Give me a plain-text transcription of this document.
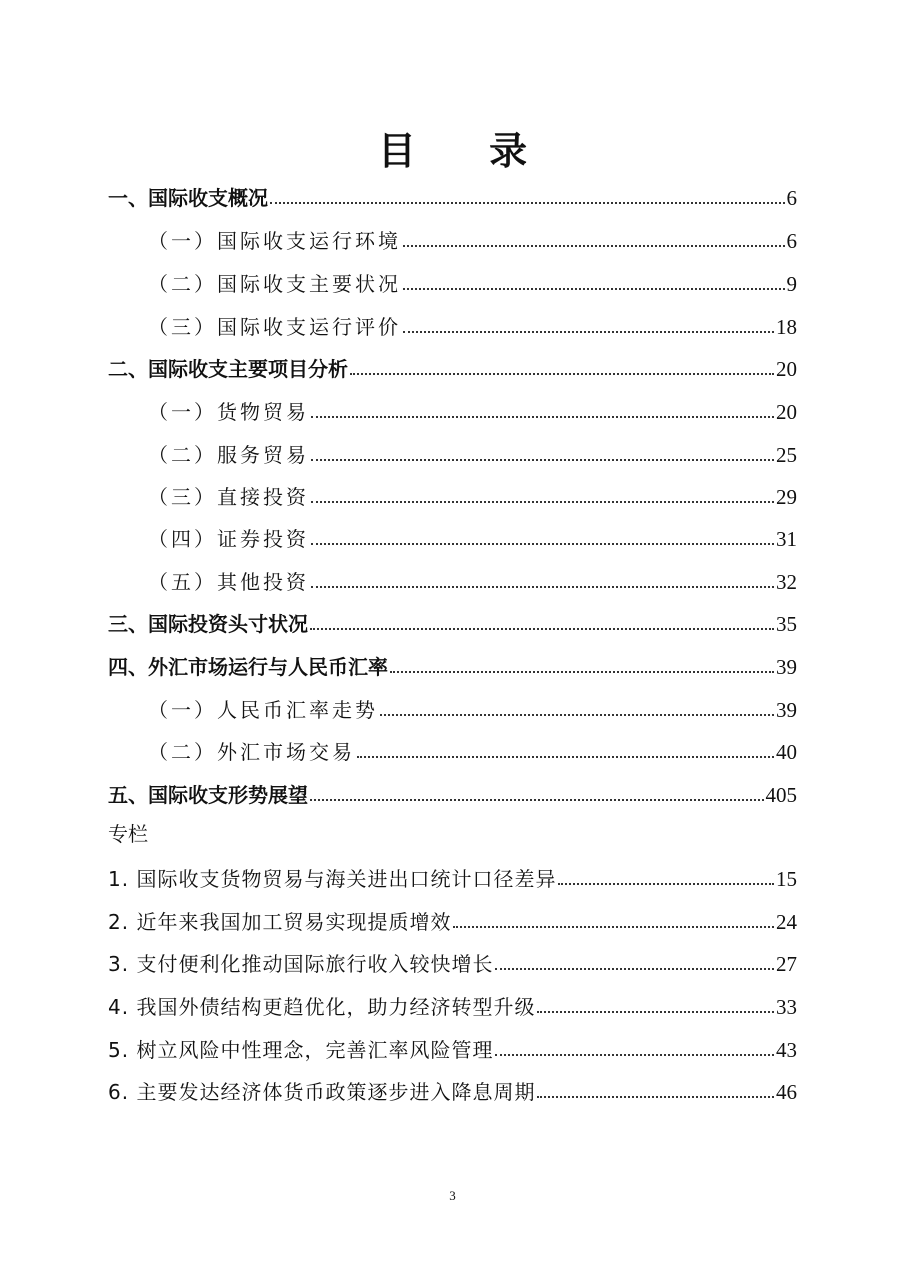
目 录
一、国际收支概况	6
（一）国际收支运行环境	6
（二）国际收支主要状况	9
（三）国际收支运行评价	18
二、国际收支主要项目分析	20
（一）货物贸易	20
（二）服务贸易	25
（三）直接投资	29
（四）证券投资	31
（五）其他投资	32
三、国际投资头寸状况	35
四、外汇市场运行与人民币汇率	39
（一）人民币汇率走势	39
（二）外汇市场交易	40
五、国际收支形势展望	405
专栏
1. 国际收支货物贸易与海关进出口统计口径差异	15
2. 近年来我国加工贸易实现提质增效	24
3. 支付便利化推动国际旅行收入较快增长	27
4. 我国外债结构更趋优化，助力经济转型升级	33
5. 树立风险中性理念，完善汇率风险管理	43
6. 主要发达经济体货币政策逐步进入降息周期	46
3
